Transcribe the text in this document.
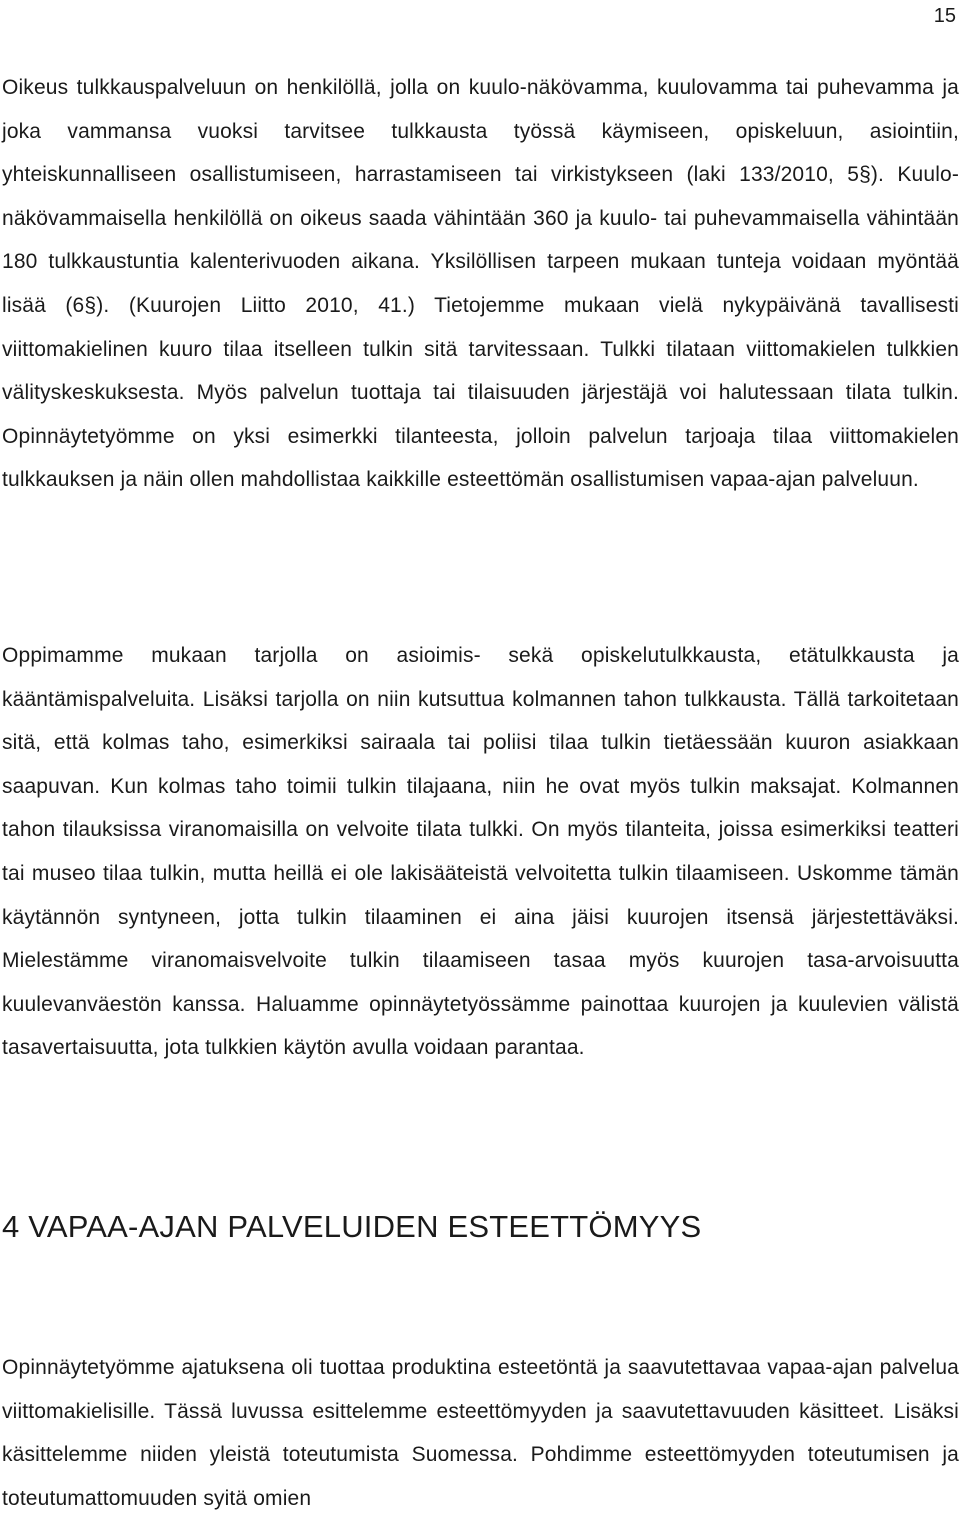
15

Oikeus tulkkauspalveluun on henkilöllä, jolla on kuulo-näkövamma, kuulovamma tai puhevamma ja joka vammansa vuoksi tarvitsee tulkkausta työssä käymiseen, opiskeluun, asiointiin, yhteiskunnalliseen osallistumiseen, harrastamiseen tai virkistykseen (laki 133/2010, 5§). Kuulo-näkövammaisella henkilöllä on oikeus saada vähintään 360 ja kuulo- tai puhevammaisella vähintään 180 tulkkaustuntia kalenterivuoden aikana. Yksilöllisen tarpeen mukaan tunteja voidaan myöntää lisää (6§). (Kuurojen Liitto 2010, 41.) Tietojemme mukaan vielä nykypäivänä tavallisesti viittomakielinen kuuro tilaa itselleen tulkin sitä tarvitessaan. Tulkki tilataan viittomakielen tulkkien välityskeskuksesta. Myös palvelun tuottaja tai tilaisuuden järjestäjä voi halutessaan tilata tulkin. Opinnäytetyömme on yksi esimerkki tilanteesta, jolloin palvelun tarjoaja tilaa viittomakielen tulkkauksen ja näin ollen mahdollistaa kaikkille esteettömän osallistumisen vapaa-ajan palveluun.

Oppimamme mukaan tarjolla on asioimis- sekä opiskelutulkkausta, etätulkkausta ja kääntämispalveluita. Lisäksi tarjolla on niin kutsuttua kolmannen tahon tulkkausta. Tällä tarkoitetaan sitä, että kolmas taho, esimerkiksi sairaala tai poliisi tilaa tulkin tietäessään kuuron asiakkaan saapuvan. Kun kolmas taho toimii tulkin tilajaana, niin he ovat myös tulkin maksajat. Kolmannen tahon tilauksissa viranomaisilla on velvoite tilata tulkki. On myös tilanteita, joissa esimerkiksi teatteri tai museo tilaa tulkin, mutta heillä ei ole lakisääteistä velvoitetta tulkin tilaamiseen. Uskomme tämän käytännön syntyneen, jotta tulkin tilaaminen ei aina jäisi kuurojen itsensä järjestettäväksi. Mielestämme viranomaisvelvoite tulkin tilaamiseen tasaa myös kuurojen tasa-arvoisuutta kuulevanväestön kanssa. Haluamme opinnäytetyössämme painottaa kuurojen ja kuulevien välistä tasavertaisuutta, jota tulkkien käytön avulla voidaan parantaa.

4 VAPAA-AJAN PALVELUIDEN ESTEETTÖMYYS

Opinnäytetyömme ajatuksena oli tuottaa produktina esteetöntä ja saavutettavaa vapaa-ajan palvelua viittomakielisille. Tässä luvussa esittelemme esteettömyyden ja saavutettavuuden käsitteet. Lisäksi käsittelemme niiden yleistä toteutumista Suomessa. Pohdimme esteettömyyden toteutumisen ja toteutumattomuuden syitä omien
